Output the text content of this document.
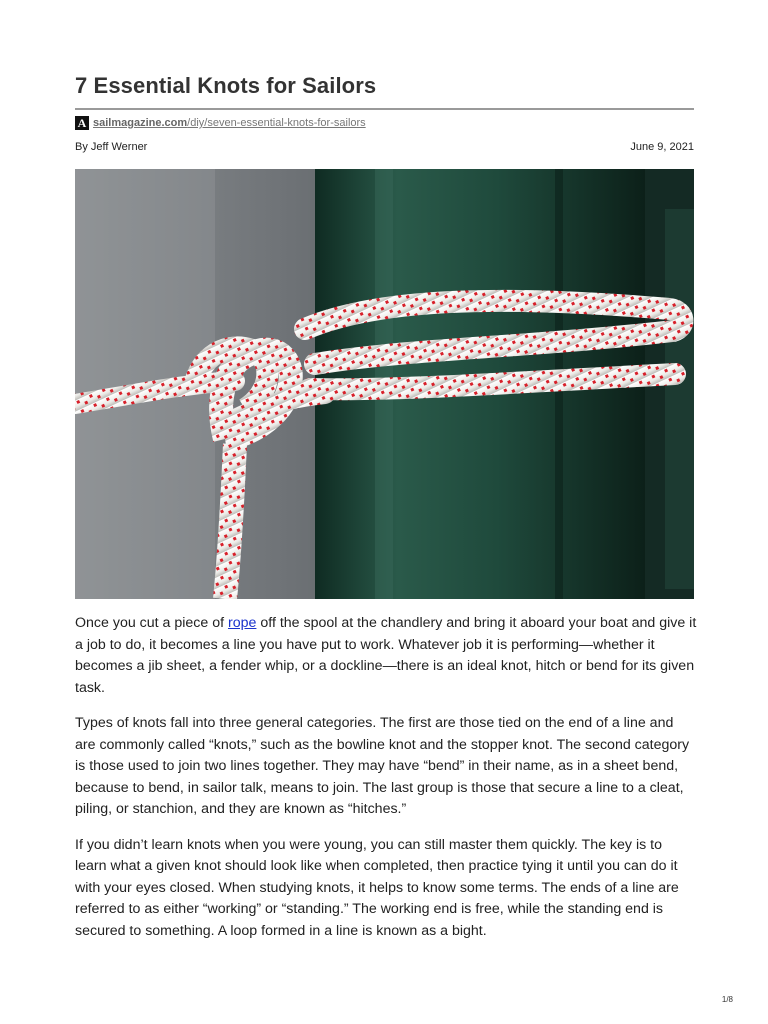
7 Essential Knots for Sailors
A sailmagazine.com/diy/seven-essential-knots-for-sailors
By Jeff Werner	June 9, 2021

Once you cut a piece of rope off the spool at the chandlery and bring it aboard your boat and give it a job to do, it becomes a line you have put to work. Whatever job it is performing—whether it becomes a jib sheet, a fender whip, or a dockline—there is an ideal knot, hitch or bend for its given task.

Types of knots fall into three general categories. The first are those tied on the end of a line and are commonly called “knots,” such as the bowline knot and the stopper knot. The second category is those used to join two lines together. They may have “bend” in their name, as in a sheet bend, because to bend, in sailor talk, means to join. The last group is those that secure a line to a cleat, piling, or stanchion, and they are known as “hitches.”

If you didn’t learn knots when you were young, you can still master them quickly. The key is to learn what a given knot should look like when completed, then practice tying it until you can do it with your eyes closed. When studying knots, it helps to know some terms. The ends of a line are referred to as either “working” or “standing.” The working end is free, while the standing end is secured to something. A loop formed in a line is known as a bight.

1/8
